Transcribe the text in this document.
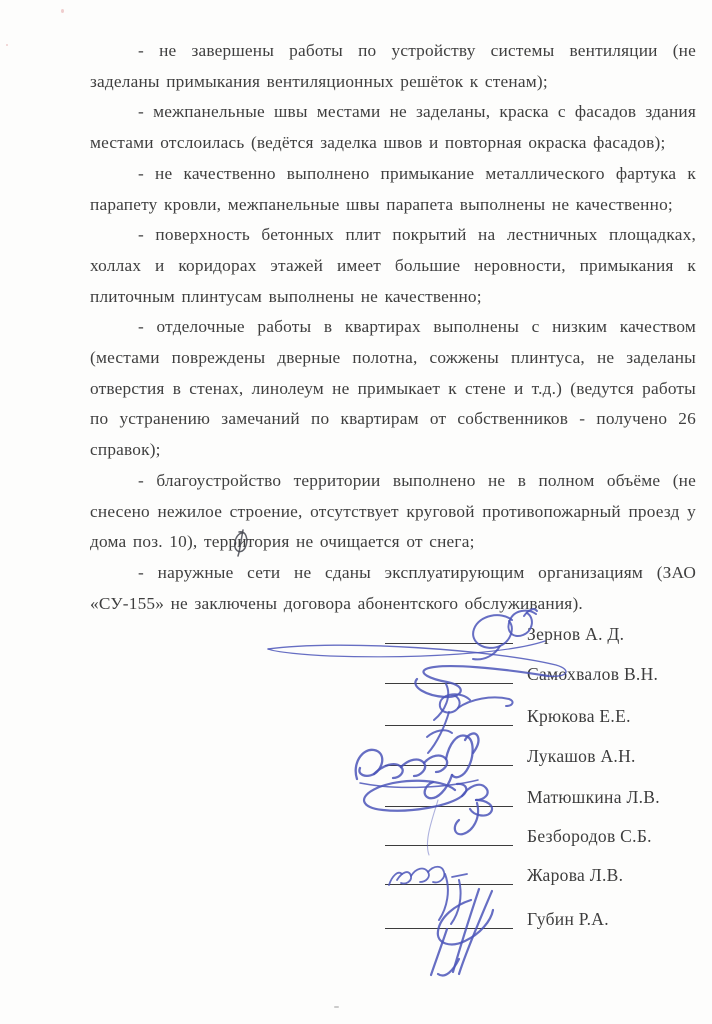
- не завершены работы по устройству системы вентиляции (не заделаны примыкания вентиляционных решёток к стенам);

- межпанельные швы местами не заделаны, краска с фасадов здания местами отслоилась (ведётся заделка швов и повторная окраска фасадов);

- не качественно выполнено примыкание металлического фартука к парапету кровли, межпанельные швы парапета выполнены не качественно;

- поверхность бетонных плит покрытий на лестничных площадках, холлах и коридорах этажей имеет большие неровности, примыкания к плиточным плинтусам выполнены не качественно;

- отделочные работы в квартирах выполнены с низким качеством (местами повреждены дверные полотна, сожжены плинтуса, не заделаны отверстия в стенах, линолеум не примыкает к стене и т.д.) (ведутся работы по устранению замечаний по квартирам от собственников - получено 26 справок);

- благоустройство территории выполнено не в полном объёме (не снесено нежилое строение, отсутствует круговой противопожарный проезд у дома поз. 10), территория не очищается от снега;

- наружные сети не сданы эксплуатирующим организациям (ЗАО «СУ-155» не заключены договора абонентского обслуживания).

Зернов А. Д.
Самохвалов В.Н.
Крюкова Е.Е.
Лукашов А.Н.
Матюшкина Л.В.
Безбородов С.Б.
Жарова Л.В.
Губин Р.А.
